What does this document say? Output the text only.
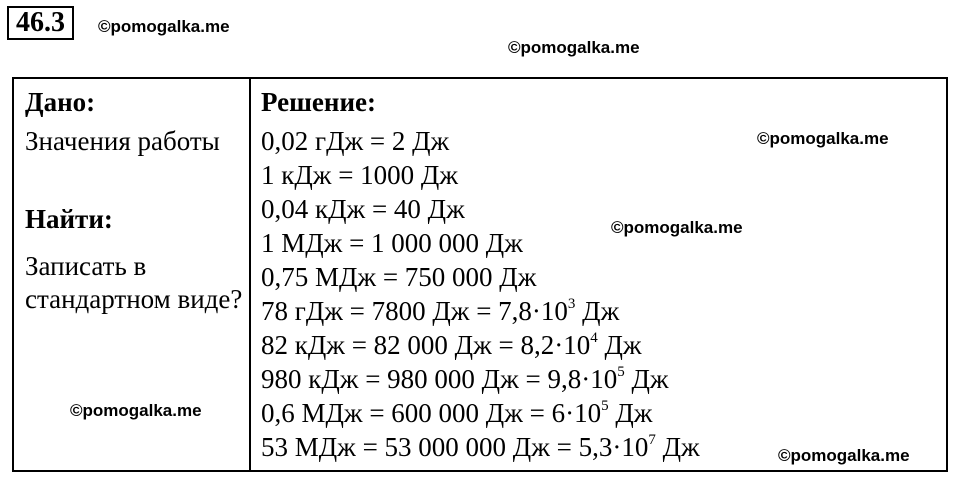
46.3	©pomogalka.me
©pomogalka.me
Дано:
Значения работы
Найти:
Записать в стандартном виде?
Решение:
0,02 гДж = 2 Дж
1 кДж = 1000 Дж
0,04 кДж = 40 Дж
1 МДж = 1 000 000 Дж
0,75 МДж = 750 000 Дж
78 гДж = 7800 Дж = $7,8\cdot 10^3$ Дж
82 кДж = 82 000 Дж = $8,2\cdot 10^4$ Дж
980 кДж = 980 000 Дж = $9,8\cdot 10^5$ Дж
0,6 МДж = 600 000 Дж = $6\cdot 10^5$ Дж
53 МДж = 53 000 000 Дж = $5,3\cdot 10^7$ Дж
©pomogalka.me
©pomogalka.me
©pomogalka.me
©pomogalka.me
